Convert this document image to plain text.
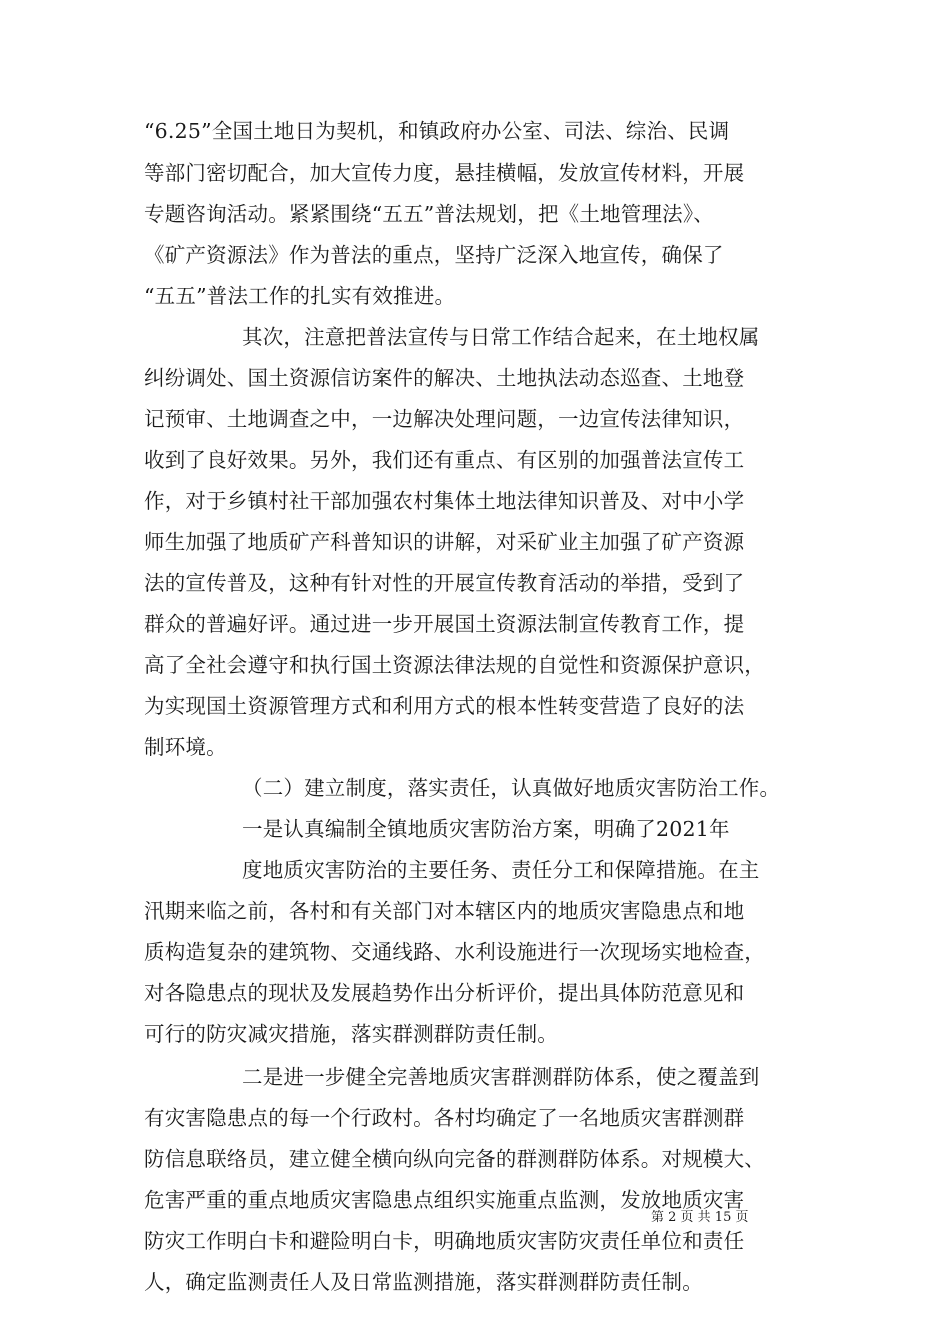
“6.25”全国土地日为契机，和镇政府办公室、司法、综治、民调
等部门密切配合，加大宣传力度，悬挂横幅，发放宣传材料，开展
专题咨询活动。紧紧围绕“五五”普法规划，把《土地管理法》、
《矿产资源法》作为普法的重点，坚持广泛深入地宣传，确保了
“五五”普法工作的扎实有效推进。
其次，注意把普法宣传与日常工作结合起来，在土地权属
纠纷调处、国土资源信访案件的解决、土地执法动态巡查、土地登
记预审、土地调查之中，一边解决处理问题，一边宣传法律知识，
收到了良好效果。另外，我们还有重点、有区别的加强普法宣传工
作，对于乡镇村社干部加强农村集体土地法律知识普及、对中小学
师生加强了地质矿产科普知识的讲解，对采矿业主加强了矿产资源
法的宣传普及，这种有针对性的开展宣传教育活动的举措，受到了
群众的普遍好评。通过进一步开展国土资源法制宣传教育工作，提
高了全社会遵守和执行国土资源法律法规的自觉性和资源保护意识，
为实现国土资源管理方式和利用方式的根本性转变营造了良好的法
制环境。
（二）建立制度，落实责任，认真做好地质灾害防治工作。
一是认真编制全镇地质灾害防治方案，明确了2021年
度地质灾害防治的主要任务、责任分工和保障措施。在主
汛期来临之前，各村和有关部门对本辖区内的地质灾害隐患点和地
质构造复杂的建筑物、交通线路、水利设施进行一次现场实地检查，
对各隐患点的现状及发展趋势作出分析评价，提出具体防范意见和
可行的防灾减灾措施，落实群测群防责任制。
二是进一步健全完善地质灾害群测群防体系，使之覆盖到
有灾害隐患点的每一个行政村。各村均确定了一名地质灾害群测群
防信息联络员，建立健全横向纵向完备的群测群防体系。对规模大、
危害严重的重点地质灾害隐患点组织实施重点监测，发放地质灾害
防灾工作明白卡和避险明白卡，明确地质灾害防灾责任单位和责任
人，确定监测责任人及日常监测措施，落实群测群防责任制。
第 2 页 共 15 页
